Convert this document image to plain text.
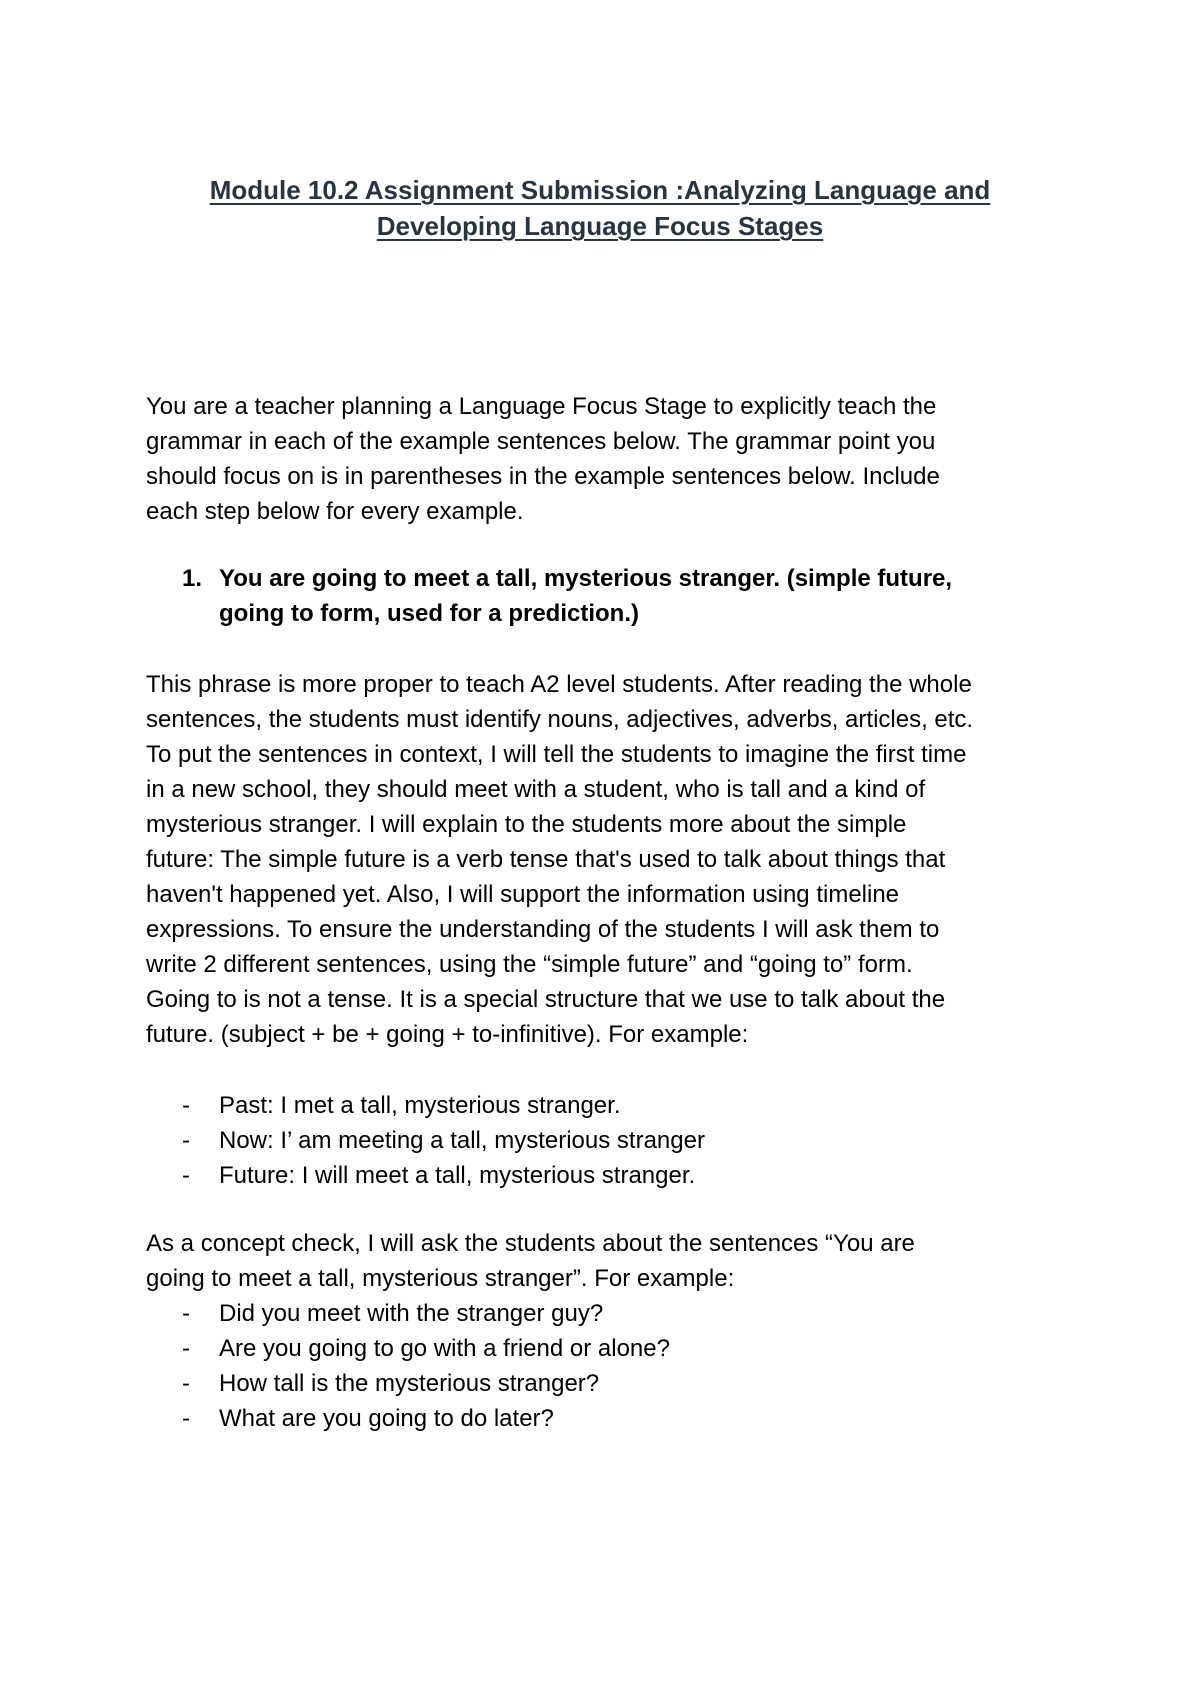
Module 10.2 Assignment Submission :Analyzing Language and
Developing Language Focus Stages
You are a teacher planning a Language Focus Stage to explicitly teach the
grammar in each of the example sentences below. The grammar point you
should focus on is in parentheses in the example sentences below. Include
each step below for every example.
1. You are going to meet a tall, mysterious stranger. (simple future,
going to form, used for a prediction.)
This phrase is more proper to teach A2 level students. After reading the whole
sentences, the students must identify nouns, adjectives, adverbs, articles, etc.
To put the sentences in context, I will tell the students to imagine the first time
in a new school, they should meet with a student, who is tall and a kind of
mysterious stranger. I will explain to the students more about the simple
future: The simple future is a verb tense that's used to talk about things that
haven't happened yet. Also, I will support the information using timeline
expressions. To ensure the understanding of the students I will ask them to
write 2 different sentences, using the “simple future” and “going to” form.
Going to is not a tense. It is a special structure that we use to talk about the
future. (subject + be + going + to-infinitive). For example:
- Past: I met a tall, mysterious stranger.
- Now: I’ am meeting a tall, mysterious stranger
- Future: I will meet a tall, mysterious stranger.
As a concept check, I will ask the students about the sentences “You are
going to meet a tall, mysterious stranger”. For example:
- Did you meet with the stranger guy?
- Are you going to go with a friend or alone?
- How tall is the mysterious stranger?
- What are you going to do later?
